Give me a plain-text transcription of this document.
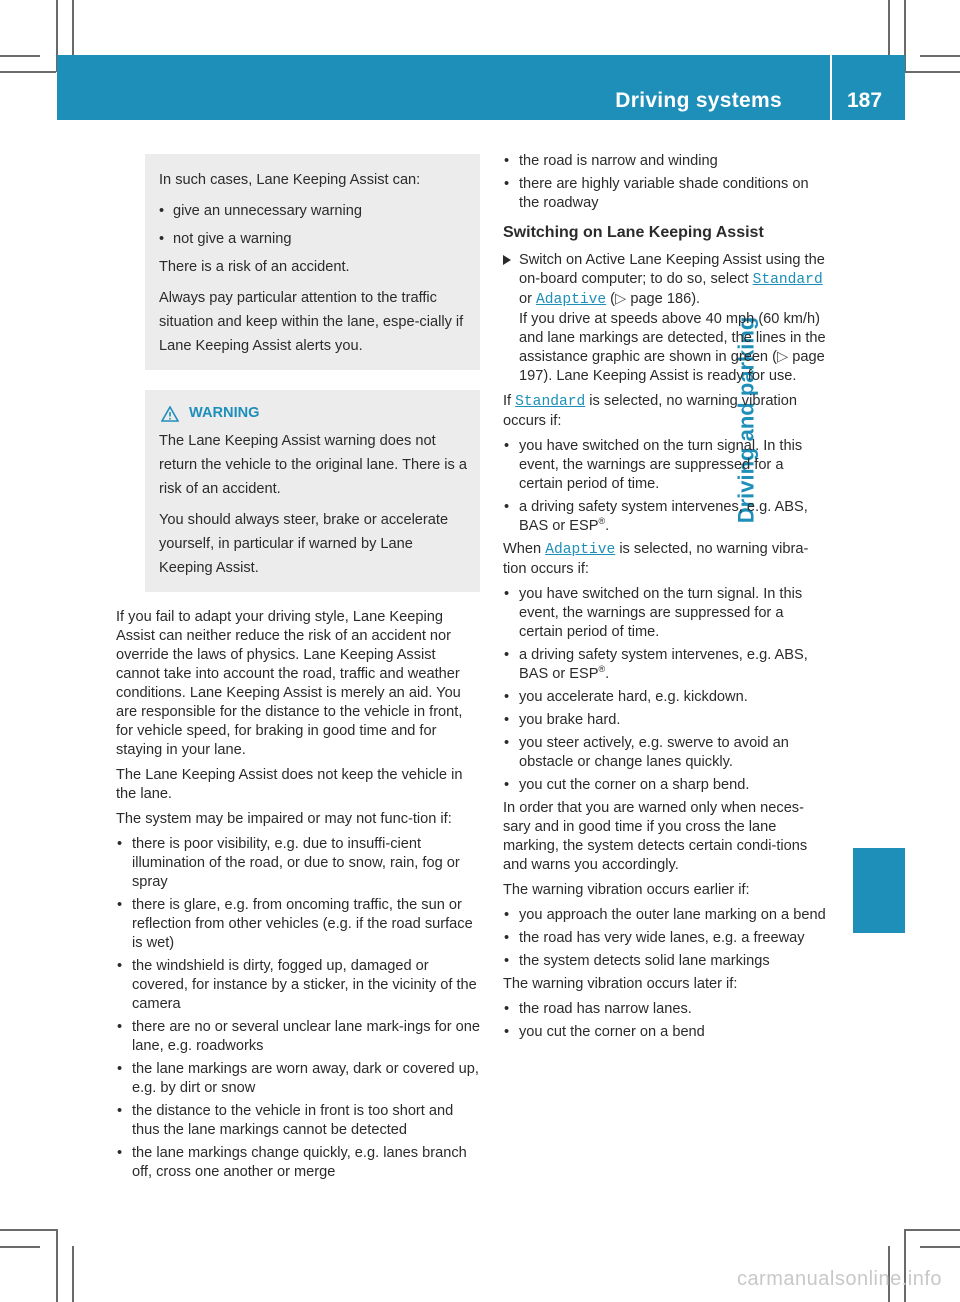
Driving systems	187
Driving and parking

In such cases, Lane Keeping Assist can:

• give an unnecessary warning
• not give a warning

There is a risk of an accident.

Always pay particular attention to the traffic situation and keep within the lane, espe-cially if Lane Keeping Assist alerts you.

WARNING

The Lane Keeping Assist warning does not return the vehicle to the original lane. There is a risk of an accident.

You should always steer, brake or accelerate yourself, in particular if warned by Lane Keeping Assist.

If you fail to adapt your driving style, Lane Keeping Assist can neither reduce the risk of an accident nor override the laws of physics. Lane Keeping Assist cannot take into account the road, traffic and weather conditions. Lane Keeping Assist is merely an aid. You are responsible for the distance to the vehicle in front, for vehicle speed, for braking in good time and for staying in your lane.

The Lane Keeping Assist does not keep the vehicle in the lane.

The system may be impaired or may not func-tion if:

• there is poor visibility, e.g. due to insuffi-cient illumination of the road, or due to snow, rain, fog or spray
• there is glare, e.g. from oncoming traffic, the sun or reflection from other vehicles (e.g. if the road surface is wet)
• the windshield is dirty, fogged up, damaged or covered, for instance by a sticker, in the vicinity of the camera
• there are no or several unclear lane mark-ings for one lane, e.g. roadworks
• the lane markings are worn away, dark or covered up, e.g. by dirt or snow
• the distance to the vehicle in front is too short and thus the lane markings cannot be detected
• the lane markings change quickly, e.g. lanes branch off, cross one another or merge
• the road is narrow and winding
• there are highly variable shade conditions on the roadway
Switching on Lane Keeping Assist
Switch on Active Lane Keeping Assist using the on-board computer; to do so, select Standard or Adaptive (▷ page 186).
If you drive at speeds above 40 mph (60 km/h) and lane markings are detected, the lines in the assistance graphic are shown in green (▷ page 197). Lane Keeping Assist is ready for use.

If Standard is selected, no warning vibration occurs if:

• you have switched on the turn signal. In this event, the warnings are suppressed for a certain period of time.
• a driving safety system intervenes, e.g. ABS, BAS or ESP®.

When Adaptive is selected, no warning vibra-tion occurs if:

• you have switched on the turn signal. In this event, the warnings are suppressed for a certain period of time.
• a driving safety system intervenes, e.g. ABS, BAS or ESP®.
• you accelerate hard, e.g. kickdown.
• you brake hard.
• you steer actively, e.g. swerve to avoid an obstacle or change lanes quickly.
• you cut the corner on a sharp bend.

In order that you are warned only when neces-sary and in good time if you cross the lane marking, the system detects certain condi-tions and warns you accordingly.

The warning vibration occurs earlier if:

• you approach the outer lane marking on a bend
• the road has very wide lanes, e.g. a freeway
• the system detects solid lane markings

The warning vibration occurs later if:

• the road has narrow lanes.
• you cut the corner on a bend
carmanualsonline.info
